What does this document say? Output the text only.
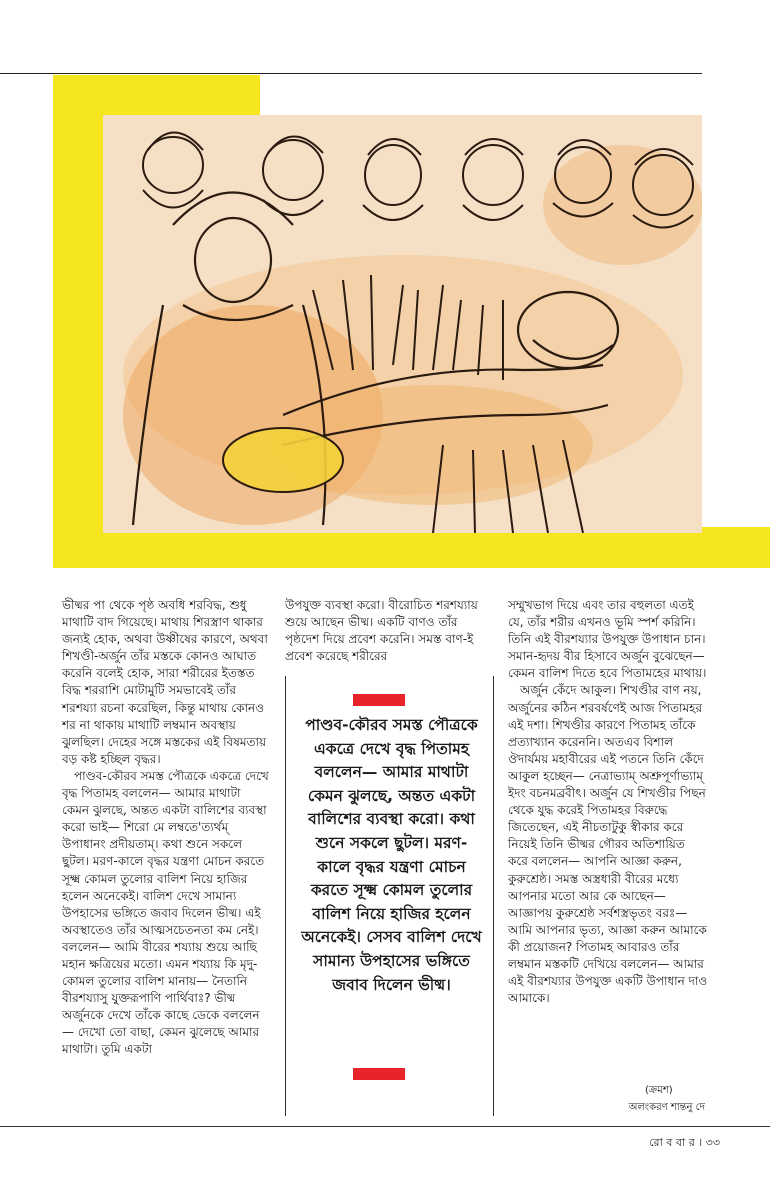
ভীষ্মর পা থেকে পৃষ্ঠ অবধি শরবিদ্ধ, শুধু মাথাটি বাদ গিয়েছে। মাথায় শিরস্ত্রাণ থাকার জন্যই হোক, অথবা উষ্ণীষের কারণে, অথবা শিখণ্ডী-অর্জুন তাঁর মস্তকে কোনও আঘাত করেনি বলেই হোক, সারা শরীরের ইতস্তত বিদ্ধ শররাশি মোটামুটি সমভাবেই তাঁর শরশয্যা রচনা করেছিল, কিন্তু মাথায় কোনও শর না থাকায় মাথাটি লম্বমান অবস্থায় ঝুলছিল। দেহের সঙ্গে মস্তকের এই বিষমতায় বড় কষ্ট হচ্ছিল বৃদ্ধর।

পাণ্ডব-কৌরব সমস্ত পৌত্রকে একত্রে দেখে বৃদ্ধ পিতামহ বললেন— আমার মাথাটা কেমন ঝুলছে, অন্তত একটা বালিশের ব্যবস্থা করো ভাই— শিরো মে লম্বতে'ত্যর্থম্ উপাধানং প্রদীয়তাম্। কথা শুনে সকলে ছুটল। মরণ-কালে বৃদ্ধর যন্ত্রণা মোচন করতে সূক্ষ্ম কোমল তুলোর বালিশ নিয়ে হাজির হলেন অনেকেই। বালিশ দেখে সামান্য উপহাসের ভঙ্গিতে জবাব দিলেন ভীষ্ম। এই অবস্থাতেও তাঁর আত্মসচেতনতা কম নেই। বললেন— আমি বীরের শয্যায় শুয়ে আছি মহান ক্ষত্রিয়ের মতো। এমন শয্যায় কি মৃদু-কোমল তুলোর বালিশ মানায়— নৈতানি বীরশয্যাসু যুক্তরূপাণি পার্থিবাঃ? ভীষ্ম অর্জুনকে দেখে তাঁকে কাছে ডেকে বললেন— দেখো তো বাছা, কেমন ঝুলেছে আমার মাথাটা। তুমি একটা

উপযুক্ত ব্যবস্থা করো। বীরোচিত শরশয্যায় শুয়ে আছেন ভীষ্ম। একটি বাণও তাঁর পৃষ্ঠদেশ দিয়ে প্রবেশ করেনি। সমস্ত বাণ-ই প্রবেশ করেছে শরীরের

পাণ্ডব-কৌরব সমস্ত পৌত্রকে একত্রে দেখে বৃদ্ধ পিতামহ বললেন— আমার মাথাটা কেমন ঝুলছে, অন্তত একটা বালিশের ব্যবস্থা করো। কথা শুনে সকলে ছুটল। মরণ-কালে বৃদ্ধর যন্ত্রণা মোচন করতে সূক্ষ্ম কোমল তুলোর বালিশ নিয়ে হাজির হলেন অনেকেই। সেসব বালিশ দেখে সামান্য উপহাসের ভঙ্গিতে জবাব দিলেন ভীষ্ম।

সম্মুখভাগ দিয়ে এবং তার বহুলতা এতই যে, তাঁর শরীর এখনও ভূমি স্পর্শ করিনি। তিনি এই বীরশয্যার উপযুক্ত উপাধান চান। সমান-হৃদয় বীর হিসাবে অর্জুন বুঝেছেন— কেমন বালিশ দিতে হবে পিতামহের মাথায়।

অর্জুন কেঁদে আকুল। শিখণ্ডীর বাণ নয়, অর্জুনের কঠিন শরবর্ষণেই আজ পিতামহর এই দশা। শিখণ্ডীর কারণে পিতামহ তাঁকে প্রত্যাখ্যান করেননি। অতএব বিশাল ঔদার্যময় মহাবীরের এই পতনে তিনি কেঁদে আকুল হচ্ছেন— নেত্রাভ্যাম্ অশ্রুপূর্ণাভ্যাম্ ইদং বচনমব্রবীৎ। অর্জুন যে শিখণ্ডীর পিছন থেকে যুদ্ধ করেই পিতামহর বিরুদ্ধে জিতেছেন, এই নীচতাটুকু স্বীকার করে নিয়েই তিনি ভীষ্মর গৌরব অতিশায়িত করে বললেন— আপনি আজ্ঞা করুন, কুরুশ্রেষ্ঠ। সমস্ত অস্ত্রধারী বীরের মধ্যে আপনার মতো আর কে আছেন— আজ্ঞাপয় কুরুশ্রেষ্ঠ সর্বশস্ত্রভৃতং বরঃ— আমি আপনার ভৃত্য, আজ্ঞা করুন আমাকে কী প্রয়োজন? পিতামহ আবারও তাঁর লম্বমান মস্তকটি দেখিয়ে বললেন— আমার এই বীরশয্যার উপযুক্ত একটি উপাধান দাও আমাকে।

(ক্রমশ)
অলংকরণ শান্তনু দে
রো ব বা র । ৩৩
